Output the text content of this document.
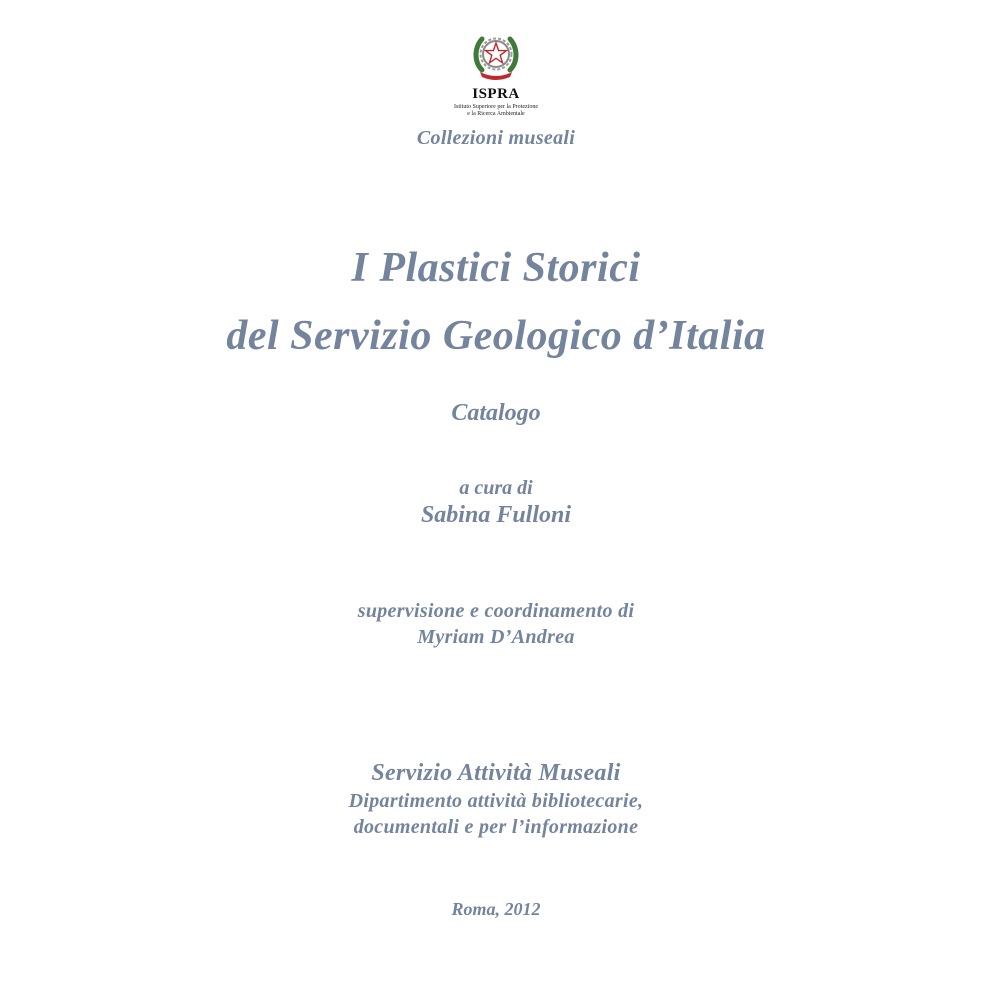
ISPRA
Istituto Superiore per la Protezione
e la Ricerca Ambientale
Collezioni museali
I Plastici Storici
del Servizio Geologico d’Italia
Catalogo
a cura di
Sabina Fulloni
supervisione e coordinamento di
Myriam D’Andrea
Servizio Attività Museali
Dipartimento attività bibliotecarie,
documentali e per l’informazione
Roma, 2012
